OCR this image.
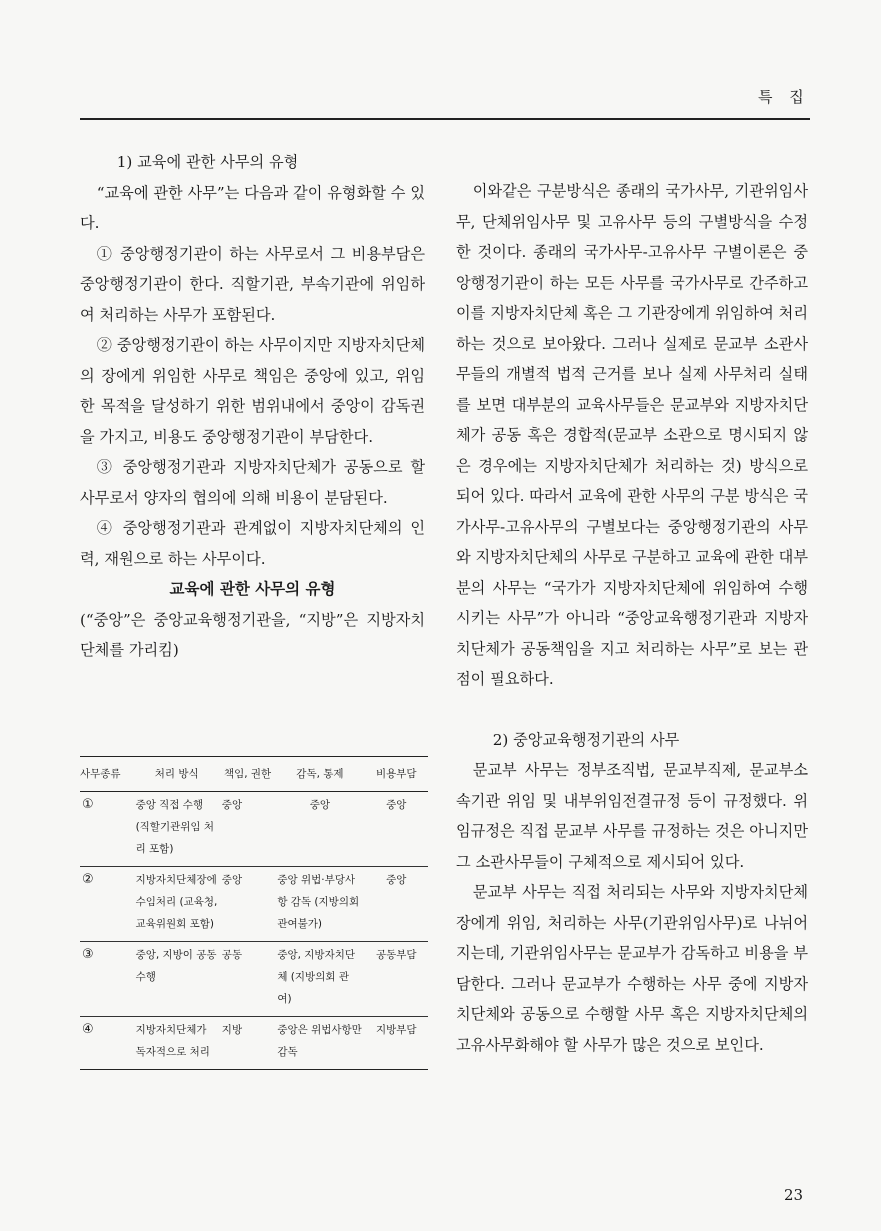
특 집

1) 교육에 관한 사무의 유형

“교육에 관한 사무”는 다음과 같이 유형화할 수 있다.

① 중앙행정기관이 하는 사무로서 그 비용부담은 중앙행정기관이 한다. 직할기관, 부속기관에 위임하여 처리하는 사무가 포함된다.

② 중앙행정기관이 하는 사무이지만 지방자치단체의 장에게 위임한 사무로 책임은 중앙에 있고, 위임한 목적을 달성하기 위한 범위내에서 중앙이 감독권을 가지고, 비용도 중앙행정기관이 부담한다.

③ 중앙행정기관과 지방자치단체가 공동으로 할 사무로서 양자의 협의에 의해 비용이 분담된다.

④ 중앙행정기관과 관계없이 지방자치단체의 인력, 재원으로 하는 사무이다.

교육에 관한 사무의 유형

(“중앙”은 중앙교육행정기관을, “지방”은 지방자치단체를 가리킴)

사무종류	처리 방식	책임, 권한	감독, 통제	비용부담
①	중앙 직접 수행 (직할기관위임 처리 포함)	중앙	중앙	중앙
②	지방자치단체장에 수임처리 (교육청, 교육위원회 포함)	중앙	중앙 위법·부당사항 감독 (지방의회 관여불가)	중앙
③	중앙, 지방이 공동수행	공동	중앙, 지방자치단체 (지방의회 관여)	공동부담
④	지방자치단체가 독자적으로 처리	지방	중앙은 위법사항만 감독	지방부담

이와같은 구분방식은 종래의 국가사무, 기관위임사무, 단체위임사무 및 고유사무 등의 구별방식을 수정한 것이다. 종래의 국가사무-고유사무 구별이론은 중앙행정기관이 하는 모든 사무를 국가사무로 간주하고 이를 지방자치단체 혹은 그 기관장에게 위임하여 처리하는 것으로 보아왔다. 그러나 실제로 문교부 소관사무들의 개별적 법적 근거를 보나 실제 사무처리 실태를 보면 대부분의 교육사무들은 문교부와 지방자치단체가 공동 혹은 경합적(문교부 소관으로 명시되지 않은 경우에는 지방자치단체가 처리하는 것) 방식으로 되어 있다. 따라서 교육에 관한 사무의 구분 방식은 국가사무-고유사무의 구별보다는 중앙행정기관의 사무와 지방자치단체의 사무로 구분하고 교육에 관한 대부분의 사무는 “국가가 지방자치단체에 위임하여 수행시키는 사무”가 아니라 “중앙교육행정기관과 지방자치단체가 공동책임을 지고 처리하는 사무”로 보는 관점이 필요하다.

2) 중앙교육행정기관의 사무

문교부 사무는 정부조직법, 문교부직제, 문교부소속기관 위임 및 내부위임전결규정 등이 규정했다. 위임규정은 직접 문교부 사무를 규정하는 것은 아니지만 그 소관사무들이 구체적으로 제시되어 있다.

문교부 사무는 직접 처리되는 사무와 지방자치단체장에게 위임, 처리하는 사무(기관위임사무)로 나뉘어지는데, 기관위임사무는 문교부가 감독하고 비용을 부담한다. 그러나 문교부가 수행하는 사무 중에 지방자치단체와 공동으로 수행할 사무 혹은 지방자치단체의 고유사무화해야 할 사무가 많은 것으로 보인다.

23
